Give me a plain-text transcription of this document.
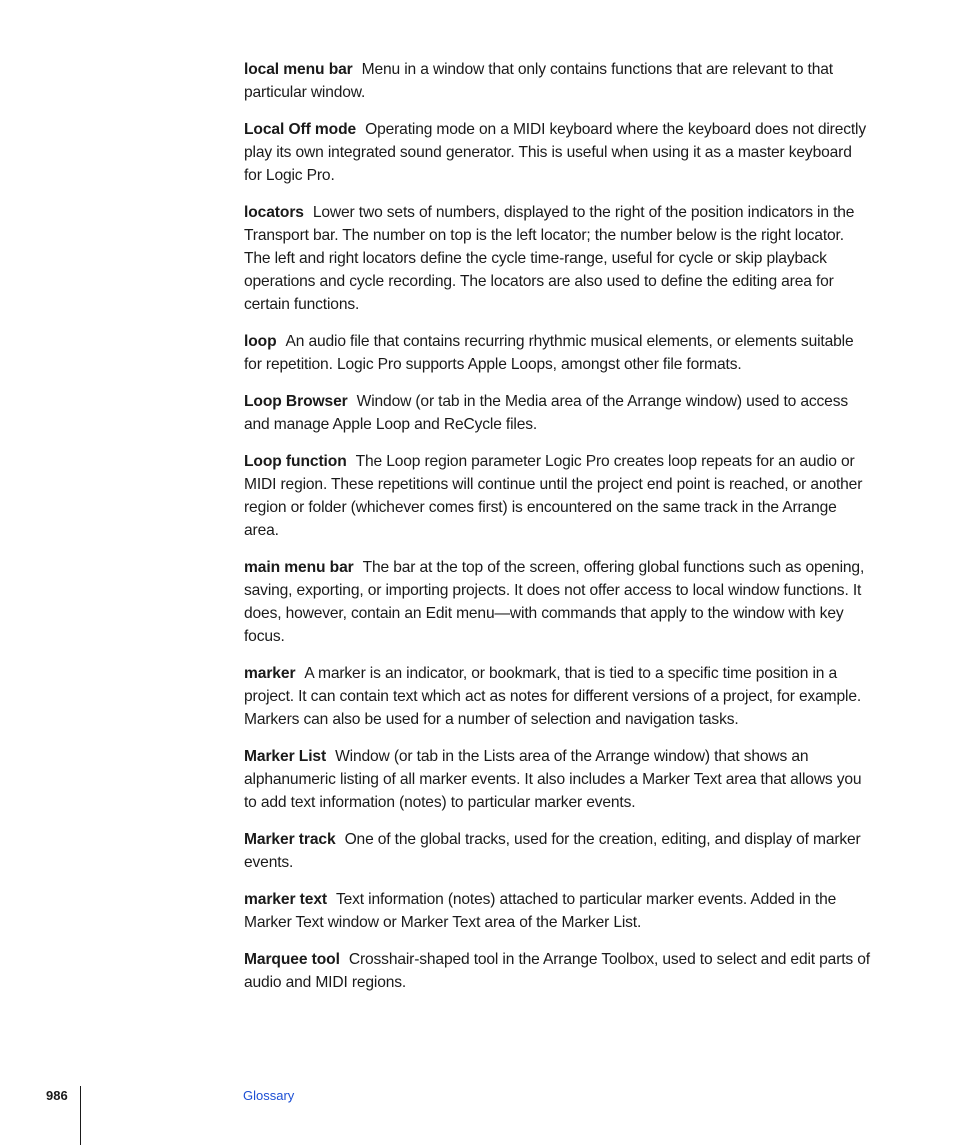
local menu bar Menu in a window that only contains functions that are relevant to that particular window.

Local Off mode Operating mode on a MIDI keyboard where the keyboard does not directly play its own integrated sound generator. This is useful when using it as a master keyboard for Logic Pro.

locators Lower two sets of numbers, displayed to the right of the position indicators in the Transport bar. The number on top is the left locator; the number below is the right locator. The left and right locators define the cycle time-range, useful for cycle or skip playback operations and cycle recording. The locators are also used to define the editing area for certain functions.

loop An audio file that contains recurring rhythmic musical elements, or elements suitable for repetition. Logic Pro supports Apple Loops, amongst other file formats.

Loop Browser Window (or tab in the Media area of the Arrange window) used to access and manage Apple Loop and ReCycle files.

Loop function The Loop region parameter Logic Pro creates loop repeats for an audio or MIDI region. These repetitions will continue until the project end point is reached, or another region or folder (whichever comes first) is encountered on the same track in the Arrange area.

main menu bar The bar at the top of the screen, offering global functions such as opening, saving, exporting, or importing projects. It does not offer access to local window functions. It does, however, contain an Edit menu—with commands that apply to the window with key focus.

marker A marker is an indicator, or bookmark, that is tied to a specific time position in a project. It can contain text which act as notes for different versions of a project, for example. Markers can also be used for a number of selection and navigation tasks.

Marker List Window (or tab in the Lists area of the Arrange window) that shows an alphanumeric listing of all marker events. It also includes a Marker Text area that allows you to add text information (notes) to particular marker events.

Marker track One of the global tracks, used for the creation, editing, and display of marker events.

marker text Text information (notes) attached to particular marker events. Added in the Marker Text window or Marker Text area of the Marker List.

Marquee tool Crosshair-shaped tool in the Arrange Toolbox, used to select and edit parts of audio and MIDI regions.

986	Glossary
